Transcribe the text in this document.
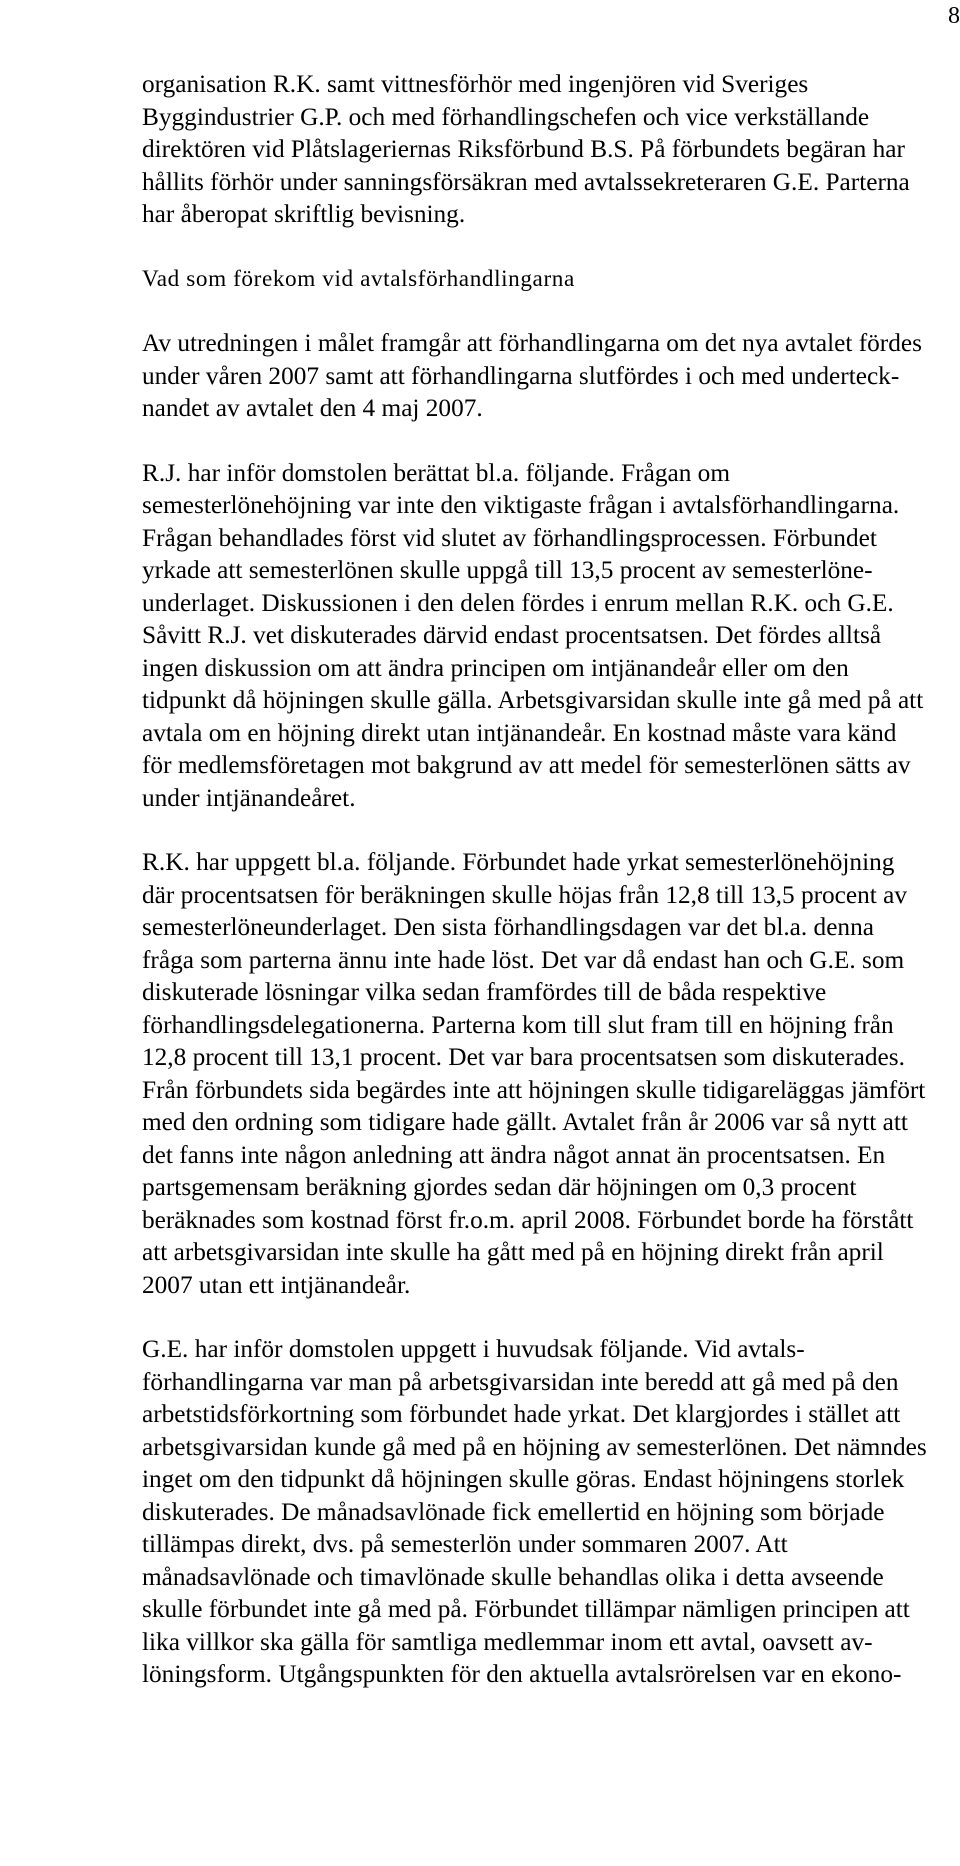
8

organisation R.K. samt vittnesförhör med ingenjören vid Sveriges
Byggindustrier G.P. och med förhandlingschefen och vice verkställande
direktören vid Plåtslageriernas Riksförbund B.S. På förbundets begäran har
hållits förhör under sanningsförsäkran med avtalssekreteraren G.E. Parterna
har åberopat skriftlig bevisning.

Vad som förekom vid avtalsförhandlingarna

Av utredningen i målet framgår att förhandlingarna om det nya avtalet fördes
under våren 2007 samt att förhandlingarna slutfördes i och med underteck-
nandet av avtalet den 4 maj 2007.

R.J. har inför domstolen berättat bl.a. följande. Frågan om
semesterlönehöjning var inte den viktigaste frågan i avtalsförhandlingarna.
Frågan behandlades först vid slutet av förhandlingsprocessen. Förbundet
yrkade att semesterlönen skulle uppgå till 13,5 procent av semesterlöne-
underlaget. Diskussionen i den delen fördes i enrum mellan R.K. och G.E.
Såvitt R.J. vet diskuterades därvid endast procentsatsen. Det fördes alltså
ingen diskussion om att ändra principen om intjänandeår eller om den
tidpunkt då höjningen skulle gälla. Arbetsgivarsidan skulle inte gå med på att
avtala om en höjning direkt utan intjänandeår. En kostnad måste vara känd
för medlemsföretagen mot bakgrund av att medel för semesterlönen sätts av
under intjänandeåret.

R.K. har uppgett bl.a. följande. Förbundet hade yrkat semesterlönehöjning
där procentsatsen för beräkningen skulle höjas från 12,8 till 13,5 procent av
semesterlöneunderlaget. Den sista förhandlingsdagen var det bl.a. denna
fråga som parterna ännu inte hade löst. Det var då endast han och G.E. som
diskuterade lösningar vilka sedan framfördes till de båda respektive
förhandlingsdelegationerna. Parterna kom till slut fram till en höjning från
12,8 procent till 13,1 procent. Det var bara procentsatsen som diskuterades.
Från förbundets sida begärdes inte att höjningen skulle tidigareläggas jämfört
med den ordning som tidigare hade gällt. Avtalet från år 2006 var så nytt att
det fanns inte någon anledning att ändra något annat än procentsatsen. En
partsgemensam beräkning gjordes sedan där höjningen om 0,3 procent
beräknades som kostnad först fr.o.m. april 2008. Förbundet borde ha förstått
att arbetsgivarsidan inte skulle ha gått med på en höjning direkt från april
2007 utan ett intjänandeår.

G.E. har inför domstolen uppgett i huvudsak följande. Vid avtals-
förhandlingarna var man på arbetsgivarsidan inte beredd att gå med på den
arbetstidsförkortning som förbundet hade yrkat. Det klargjordes i stället att
arbetsgivarsidan kunde gå med på en höjning av semesterlönen. Det nämndes
inget om den tidpunkt då höjningen skulle göras. Endast höjningens storlek
diskuterades. De månadsavlönade fick emellertid en höjning som började
tillämpas direkt, dvs. på semesterlön under sommaren 2007. Att
månadsavlönade och timavlönade skulle behandlas olika i detta avseende
skulle förbundet inte gå med på. Förbundet tillämpar nämligen principen att
lika villkor ska gälla för samtliga medlemmar inom ett avtal, oavsett av-
löningsform. Utgångspunkten för den aktuella avtalsrörelsen var en ekono-
